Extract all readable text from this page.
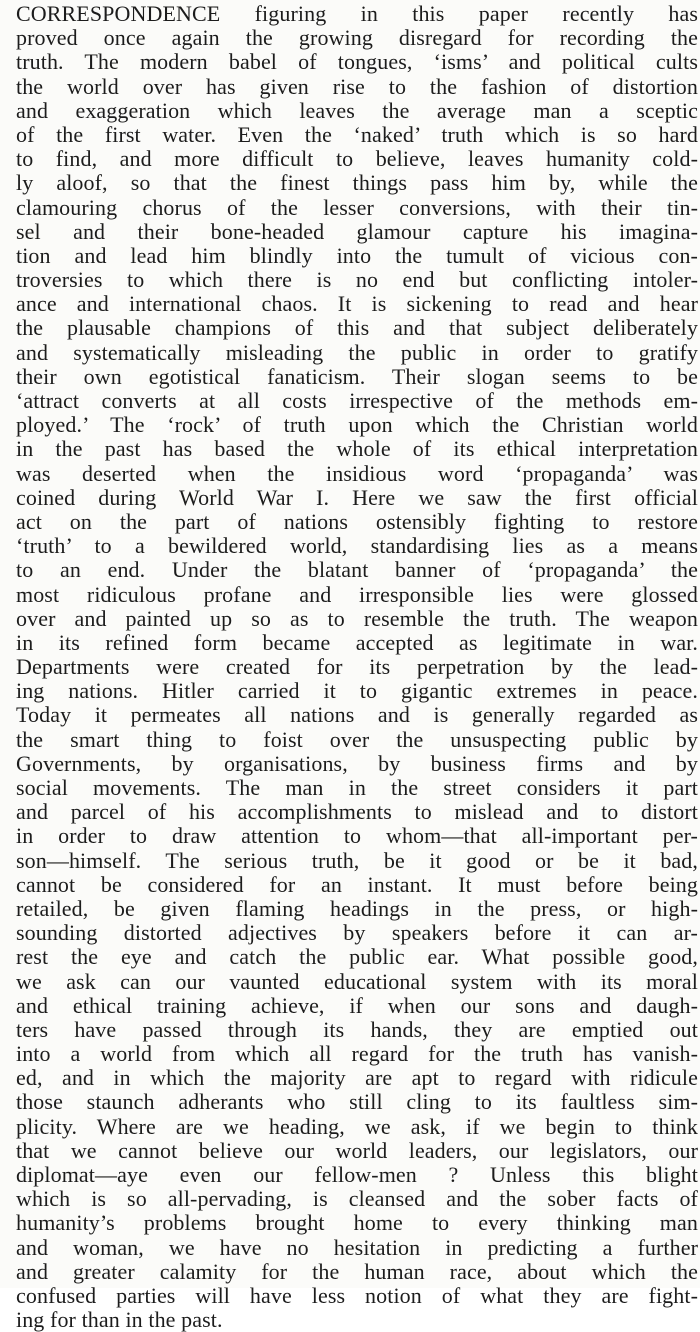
CORRESPONDENCE figuring in this paper recently has
proved once again the growing disregard for recording the
truth. The modern babel of tongues, ‘isms’ and political cults
the world over has given rise to the fashion of distortion
and exaggeration which leaves the average man a sceptic
of the first water. Even the ‘naked’ truth which is so hard
to find, and more difficult to believe, leaves humanity cold-
ly aloof, so that the finest things pass him by, while the
clamouring chorus of the lesser conversions, with their tin-
sel and their bone-headed glamour capture his imagina-
tion and lead him blindly into the tumult of vicious con-
troversies to which there is no end but conflicting intoler-
ance and international chaos. It is sickening to read and hear
the plausable champions of this and that subject deliberately
and systematically misleading the public in order to gratify
their own egotistical fanaticism. Their slogan seems to be
‘attract converts at all costs irrespective of the methods em-
ployed.’ The ‘rock’ of truth upon which the Christian world
in the past has based the whole of its ethical interpretation
was deserted when the insidious word ‘propaganda’ was
coined during World War I. Here we saw the first official
act on the part of nations ostensibly fighting to restore
‘truth’ to a bewildered world, standardising lies as a means
to an end. Under the blatant banner of ‘propaganda’ the
most ridiculous profane and irresponsible lies were glossed
over and painted up so as to resemble the truth. The weapon
in its refined form became accepted as legitimate in war.
Departments were created for its perpetration by the lead-
ing nations. Hitler carried it to gigantic extremes in peace.
Today it permeates all nations and is generally regarded as
the smart thing to foist over the unsuspecting public by
Governments, by organisations, by business firms and by
social movements. The man in the street considers it part
and parcel of his accomplishments to mislead and to distort
in order to draw attention to whom—that all-important per-
son—himself. The serious truth, be it good or be it bad,
cannot be considered for an instant. It must before being
retailed, be given flaming headings in the press, or high-
sounding distorted adjectives by speakers before it can ar-
rest the eye and catch the public ear. What possible good,
we ask can our vaunted educational system with its moral
and ethical training achieve, if when our sons and daugh-
ters have passed through its hands, they are emptied out
into a world from which all regard for the truth has vanish-
ed, and in which the majority are apt to regard with ridicule
those staunch adherants who still cling to its faultless sim-
plicity. Where are we heading, we ask, if we begin to think
that we cannot believe our world leaders, our legislators, our
diplomat—aye even our fellow-men ? Unless this blight
which is so all-pervading, is cleansed and the sober facts of
humanity’s problems brought home to every thinking man
and woman, we have no hesitation in predicting a further
and greater calamity for the human race, about which the
confused parties will have less notion of what they are fight-
ing for than in the past.
